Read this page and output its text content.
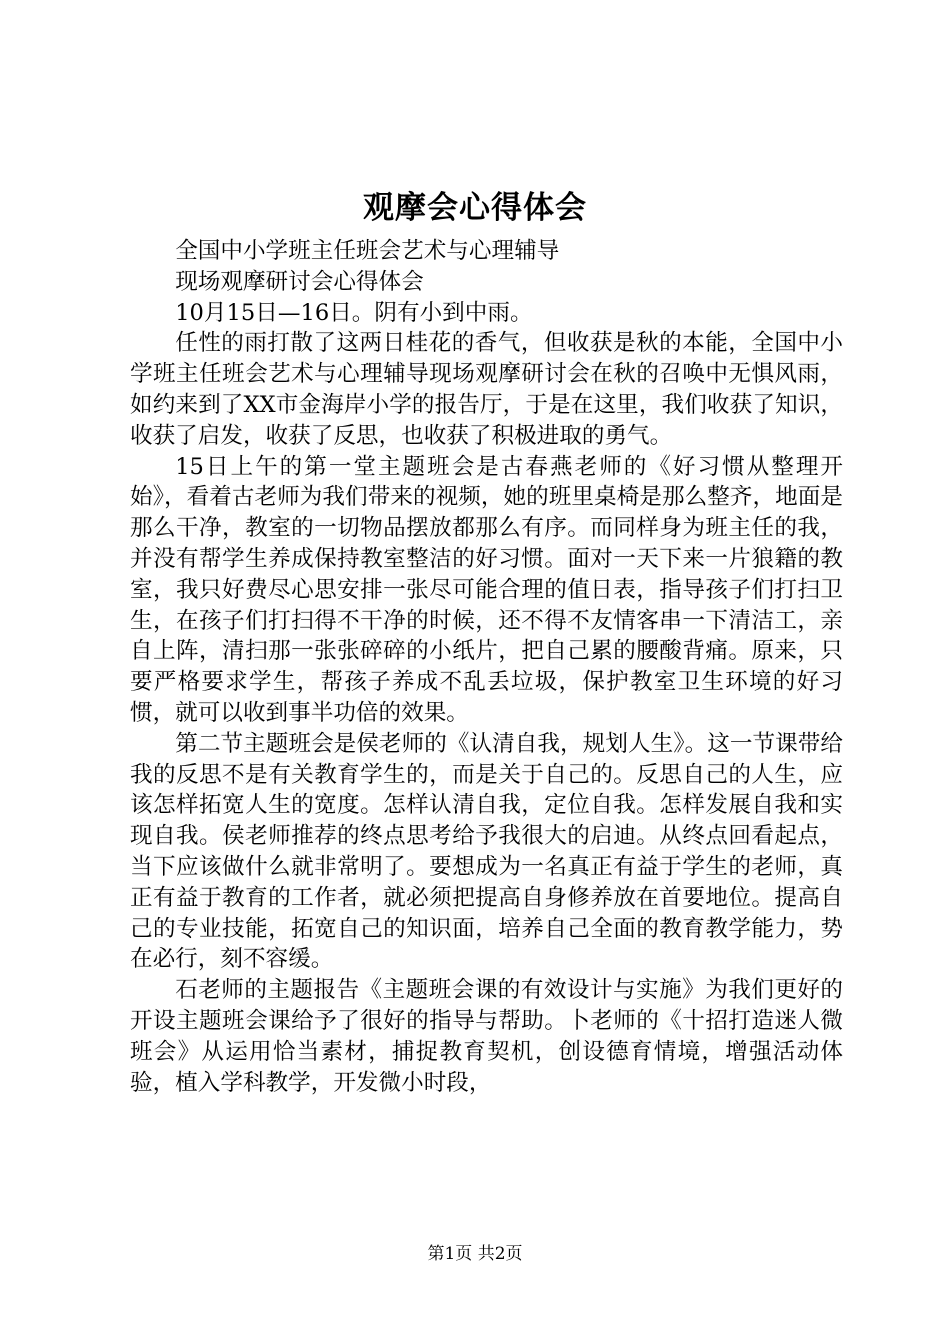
观摩会心得体会

全国中小学班主任班会艺术与心理辅导

现场观摩研讨会心得体会

10月15日—16日。阴有小到中雨。

任性的雨打散了这两日桂花的香气，但收获是秋的本能，全国中小学班主任班会艺术与心理辅导现场观摩研讨会在秋的召唤中无惧风雨，如约来到了XX市金海岸小学的报告厅，于是在这里，我们收获了知识，收获了启发，收获了反思，也收获了积极进取的勇气。

15日上午的第一堂主题班会是古春燕老师的《好习惯从整理开始》，看着古老师为我们带来的视频，她的班里桌椅是那么整齐，地面是那么干净，教室的一切物品摆放都那么有序。而同样身为班主任的我，并没有帮学生养成保持教室整洁的好习惯。面对一天下来一片狼籍的教室，我只好费尽心思安排一张尽可能合理的值日表，指导孩子们打扫卫生，在孩子们打扫得不干净的时候，还不得不友情客串一下清洁工，亲自上阵，清扫那一张张碎碎的小纸片，把自己累的腰酸背痛。原来，只要严格要求学生，帮孩子养成不乱丢垃圾，保护教室卫生环境的好习惯，就可以收到事半功倍的效果。

第二节主题班会是侯老师的《认清自我，规划人生》。这一节课带给我的反思不是有关教育学生的，而是关于自己的。反思自己的人生，应该怎样拓宽人生的宽度。怎样认清自我，定位自我。怎样发展自我和实现自我。侯老师推荐的终点思考给予我很大的启迪。从终点回看起点，当下应该做什么就非常明了。要想成为一名真正有益于学生的老师，真正有益于教育的工作者，就必须把提高自身修养放在首要地位。提高自己的专业技能，拓宽自己的知识面，培养自己全面的教育教学能力，势在必行，刻不容缓。

石老师的主题报告《主题班会课的有效设计与实施》为我们更好的开设主题班会课给予了很好的指导与帮助。卜老师的《十招打造迷人微班会》从运用恰当素材，捕捉教育契机，创设德育情境，增强活动体验，植入学科教学，开发微小时段，

第1页 共2页
